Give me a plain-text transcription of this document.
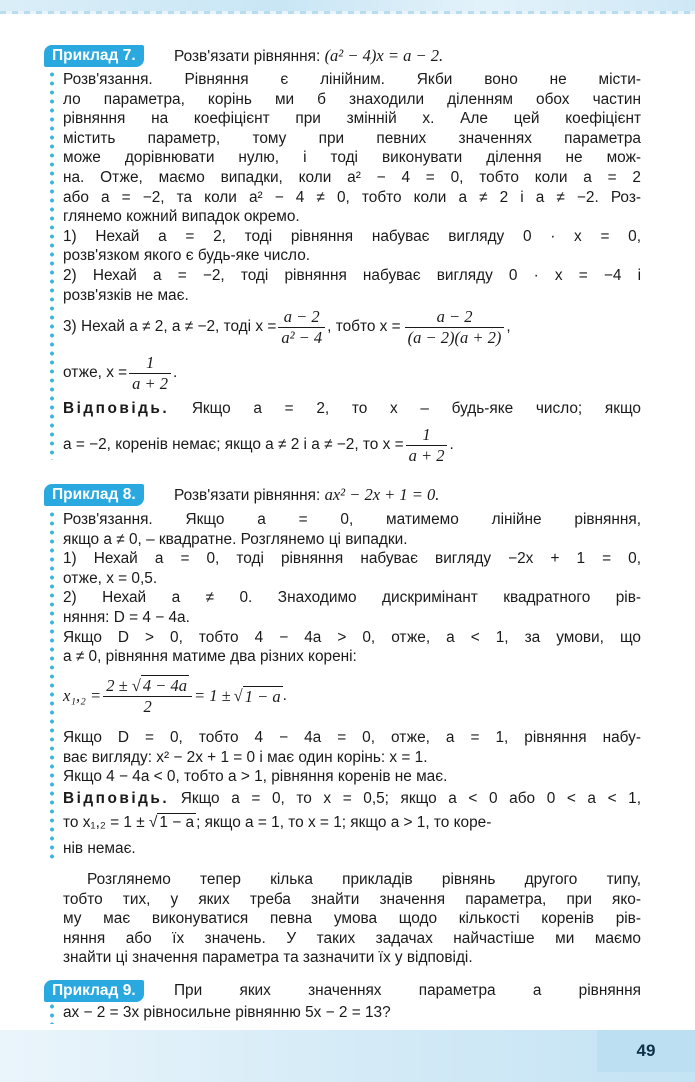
Приклад 7.	Розв'язати рівняння: (a² − 4)x = a − 2.
Розв'язання. Рівняння є лінійним. Якби воно не місти-
ло параметра, корінь ми б знаходили діленням обох частин
рівняння на коефіцієнт при змінній x. Але цей коефіцієнт
містить параметр, тому при певних значеннях параметра
може дорівнювати нулю, і тоді виконувати ділення не мож-
на. Отже, маємо випадки, коли a² − 4 = 0, тобто коли a = 2
або a = −2, та коли a² − 4 ≠ 0, тобто коли a ≠ 2 і a ≠ −2. Роз-
глянемо кожний випадок окремо.
1) Нехай a = 2, тоді рівняння набуває вигляду 0 · x = 0,
розв'язком якого є будь-яке число.
2) Нехай a = −2, тоді рівняння набуває вигляду 0 · x = −4 і
розв'язків не має.
3) Нехай a ≠ 2, a ≠ −2, тоді $x = \frac{a - 2}{\text{a² − 4}}$ , тобто $x = \frac{a - 2}{(a - 2)(a + 2)}$ ,
отже, $x = \frac{1}{a + 2}$ .
Відповідь. Якщо a = 2, то x – будь-яке число; якщо
a = −2, коренів немає; якщо a ≠ 2 і a ≠ −2, то $x = \frac{1}{a + 2}$ .
Приклад 8.	Розв'язати рівняння: ax² − 2x + 1 = 0.
Розв'язання. Якщо a = 0, матимемо лінійне рівняння,
якщо a ≠ 0, – квадратне. Розглянемо ці випадки.
1) Нехай a = 0, тоді рівняння набуває вигляду −2x + 1 = 0,
отже, x = 0,5.
2) Нехай a ≠ 0. Знаходимо дискримінант квадратного рів-
няння: D = 4 − 4a.
Якщо D > 0, тобто 4 − 4a > 0, отже, a < 1, за умови, що
a ≠ 0, рівняння матиме два різних корені:
$x_1,_2 = \frac{2 \pm √ 4 - 4a}{2} = 1$ ± √ 1 − a .
Якщо D = 0, тобто 4 − 4a = 0, отже, a = 1, рівняння набу-
ває вигляду: x² − 2x + 1 = 0 і має один корінь: x = 1.
Якщо 4 − 4a < 0, тобто a > 1, рівняння коренів не має.
Відповідь. Якщо a = 0, то x = 0,5; якщо a < 0 або 0 < a < 1,
то x₁,₂ = 1 ± √ 1 − a ; якщо a = 1, то x = 1; якщо a > 1, то коре-
нів немає.
Розглянемо тепер кілька прикладів рівнянь другого типу,
тобто тих, у яких треба знайти значення параметра, при яко-
му має виконуватися певна умова щодо кількості коренів рів-
няння або їх значень. У таких задачах найчастіше ми маємо
знайти ці значення параметра та зазначити їх у відповіді.
Приклад 9.	При яких значеннях параметра a рівняння
ax − 2 = 3x рівносильне рівнянню 5x − 2 = 13?
49
